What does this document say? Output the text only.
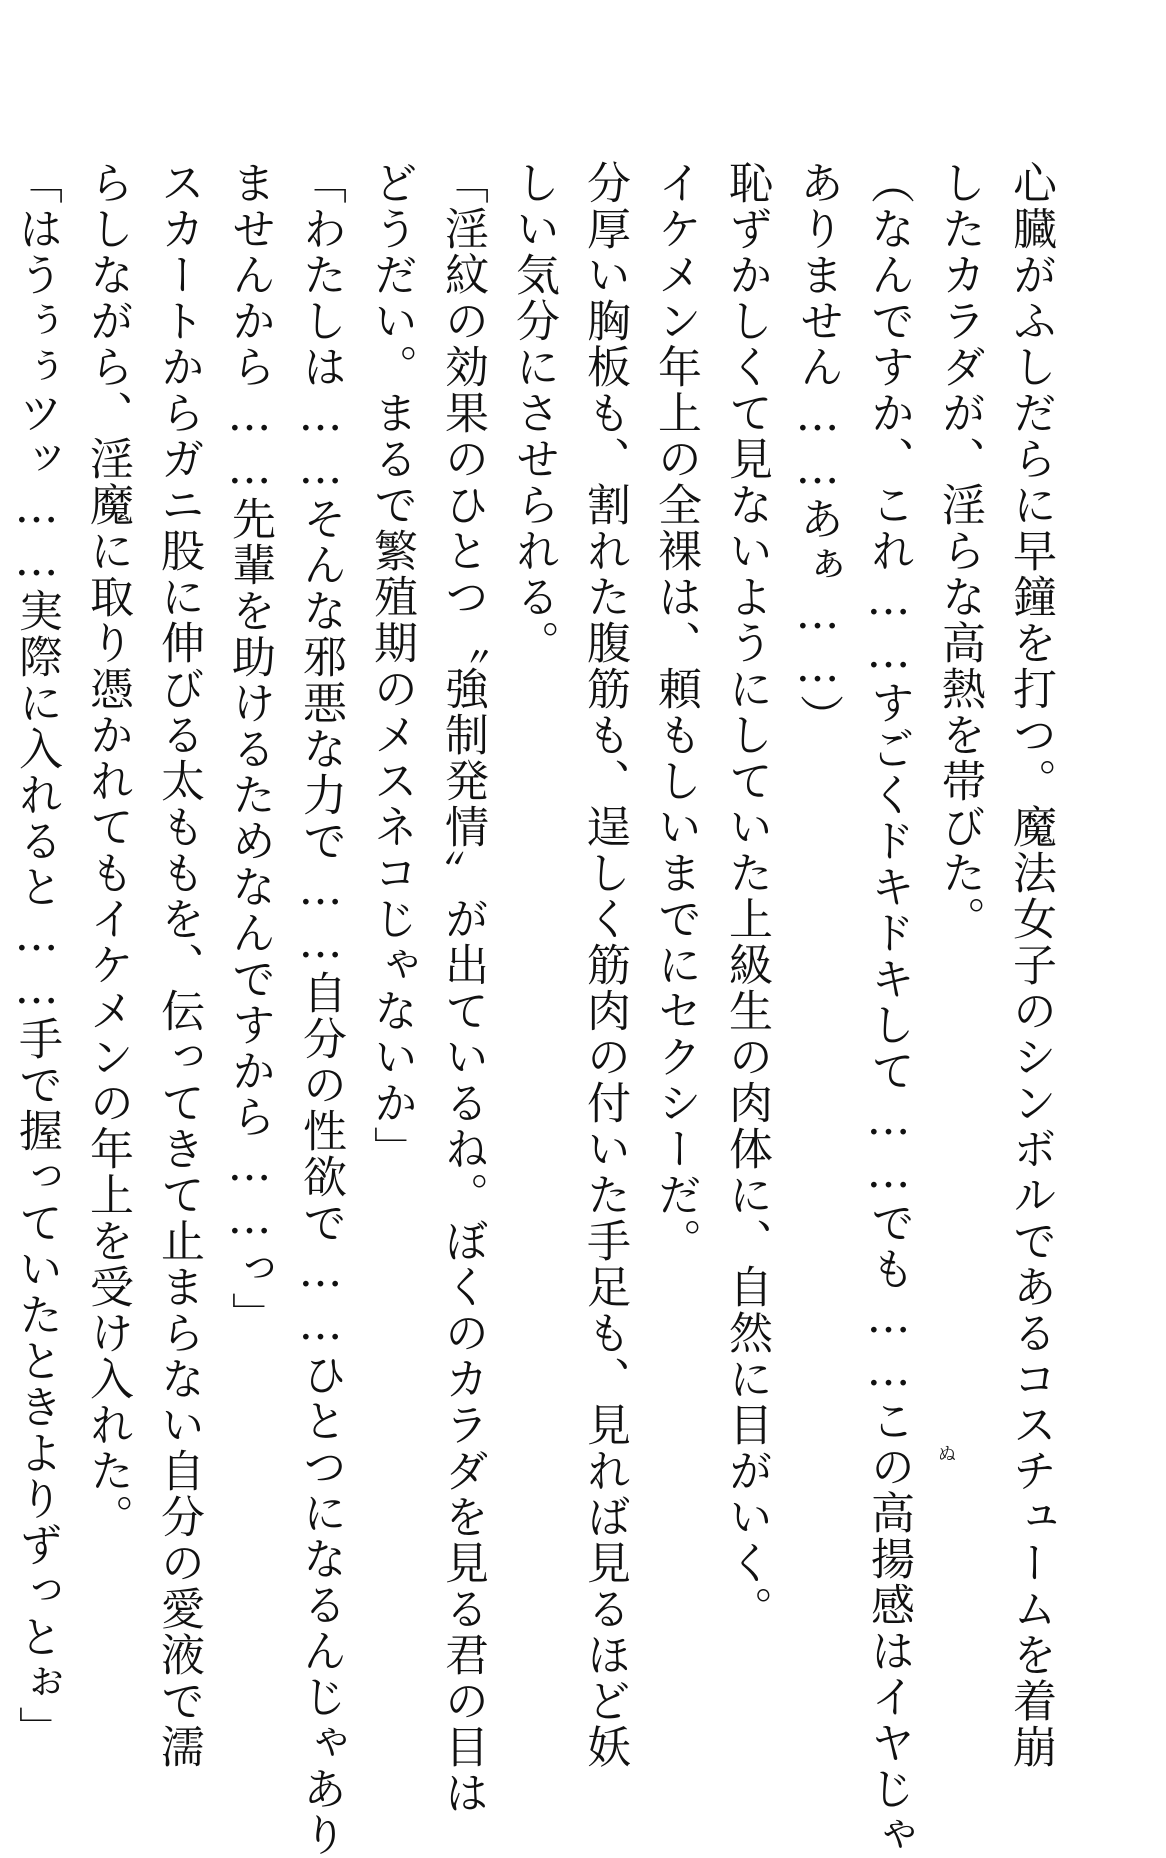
心臓がふしだらに早鐘を打つ。魔法女子のシンボルであるコスチュームを着崩
したカラダが、淫らな高熱を帯びた。
（なんですか、これ……すごくドキドキして……でも……この高揚感はイヤじゃ
ありません……あぁ……）
恥ずかしくて見ないようにしていた上級生の肉体に、自然に目がいく。
イケメン年上の全裸は、頼もしいまでにセクシーだ。
分厚い胸板も、割れた腹筋も、逞しく筋肉の付いた手足も、見れば見るほど妖
しい気分にさせられる。
「淫紋の効果のひとつ〝強制発情〟が出ているね。ぼくのカラダを見る君の目は
どうだい。まるで繁殖期のメスネコじゃないか」
「わたしは……そんな邪悪な力で……自分の性欲で……ひとつになるんじゃあり
ませんから……先輩を助けるためなんですから……っ」
スカートからガニ股に伸びる太ももを、伝ってきて止まらない自分の愛液で濡
らしながら、淫魔に取り憑かれてもイケメンの年上を受け入れた。
「はうぅぅツッ……実際に入れると……手で握っていたときよりずっとぉ」	ぬ
